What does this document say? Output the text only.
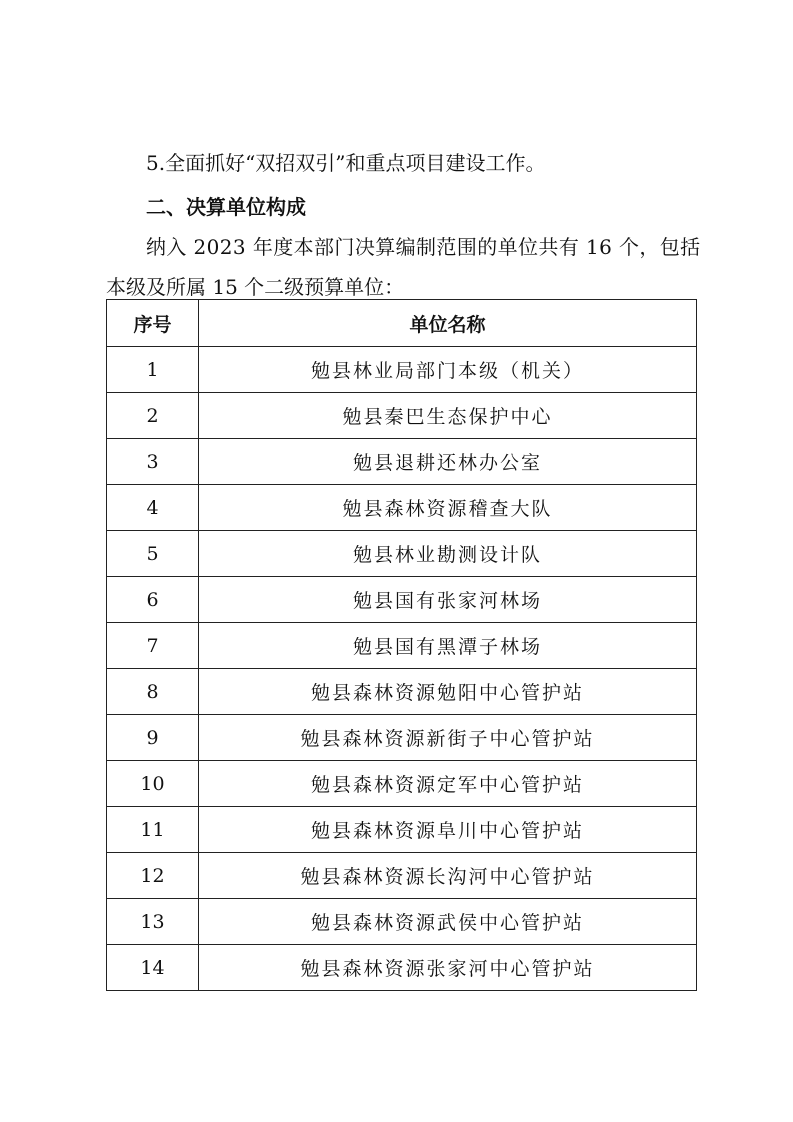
5.全面抓好“双招双引”和重点项目建设工作。
二、决算单位构成
纳入 2023 年度本部门决算编制范围的单位共有 16 个，包括
本级及所属 15 个二级预算单位：
序号	单位名称
1	勉县林业局部门本级（机关）
2	勉县秦巴生态保护中心
3	勉县退耕还林办公室
4	勉县森林资源稽查大队
5	勉县林业勘测设计队
6	勉县国有张家河林场
7	勉县国有黑潭子林场
8	勉县森林资源勉阳中心管护站
9	勉县森林资源新街子中心管护站
10	勉县森林资源定军中心管护站
11	勉县森林资源阜川中心管护站
12	勉县森林资源长沟河中心管护站
13	勉县森林资源武侯中心管护站
14	勉县森林资源张家河中心管护站
